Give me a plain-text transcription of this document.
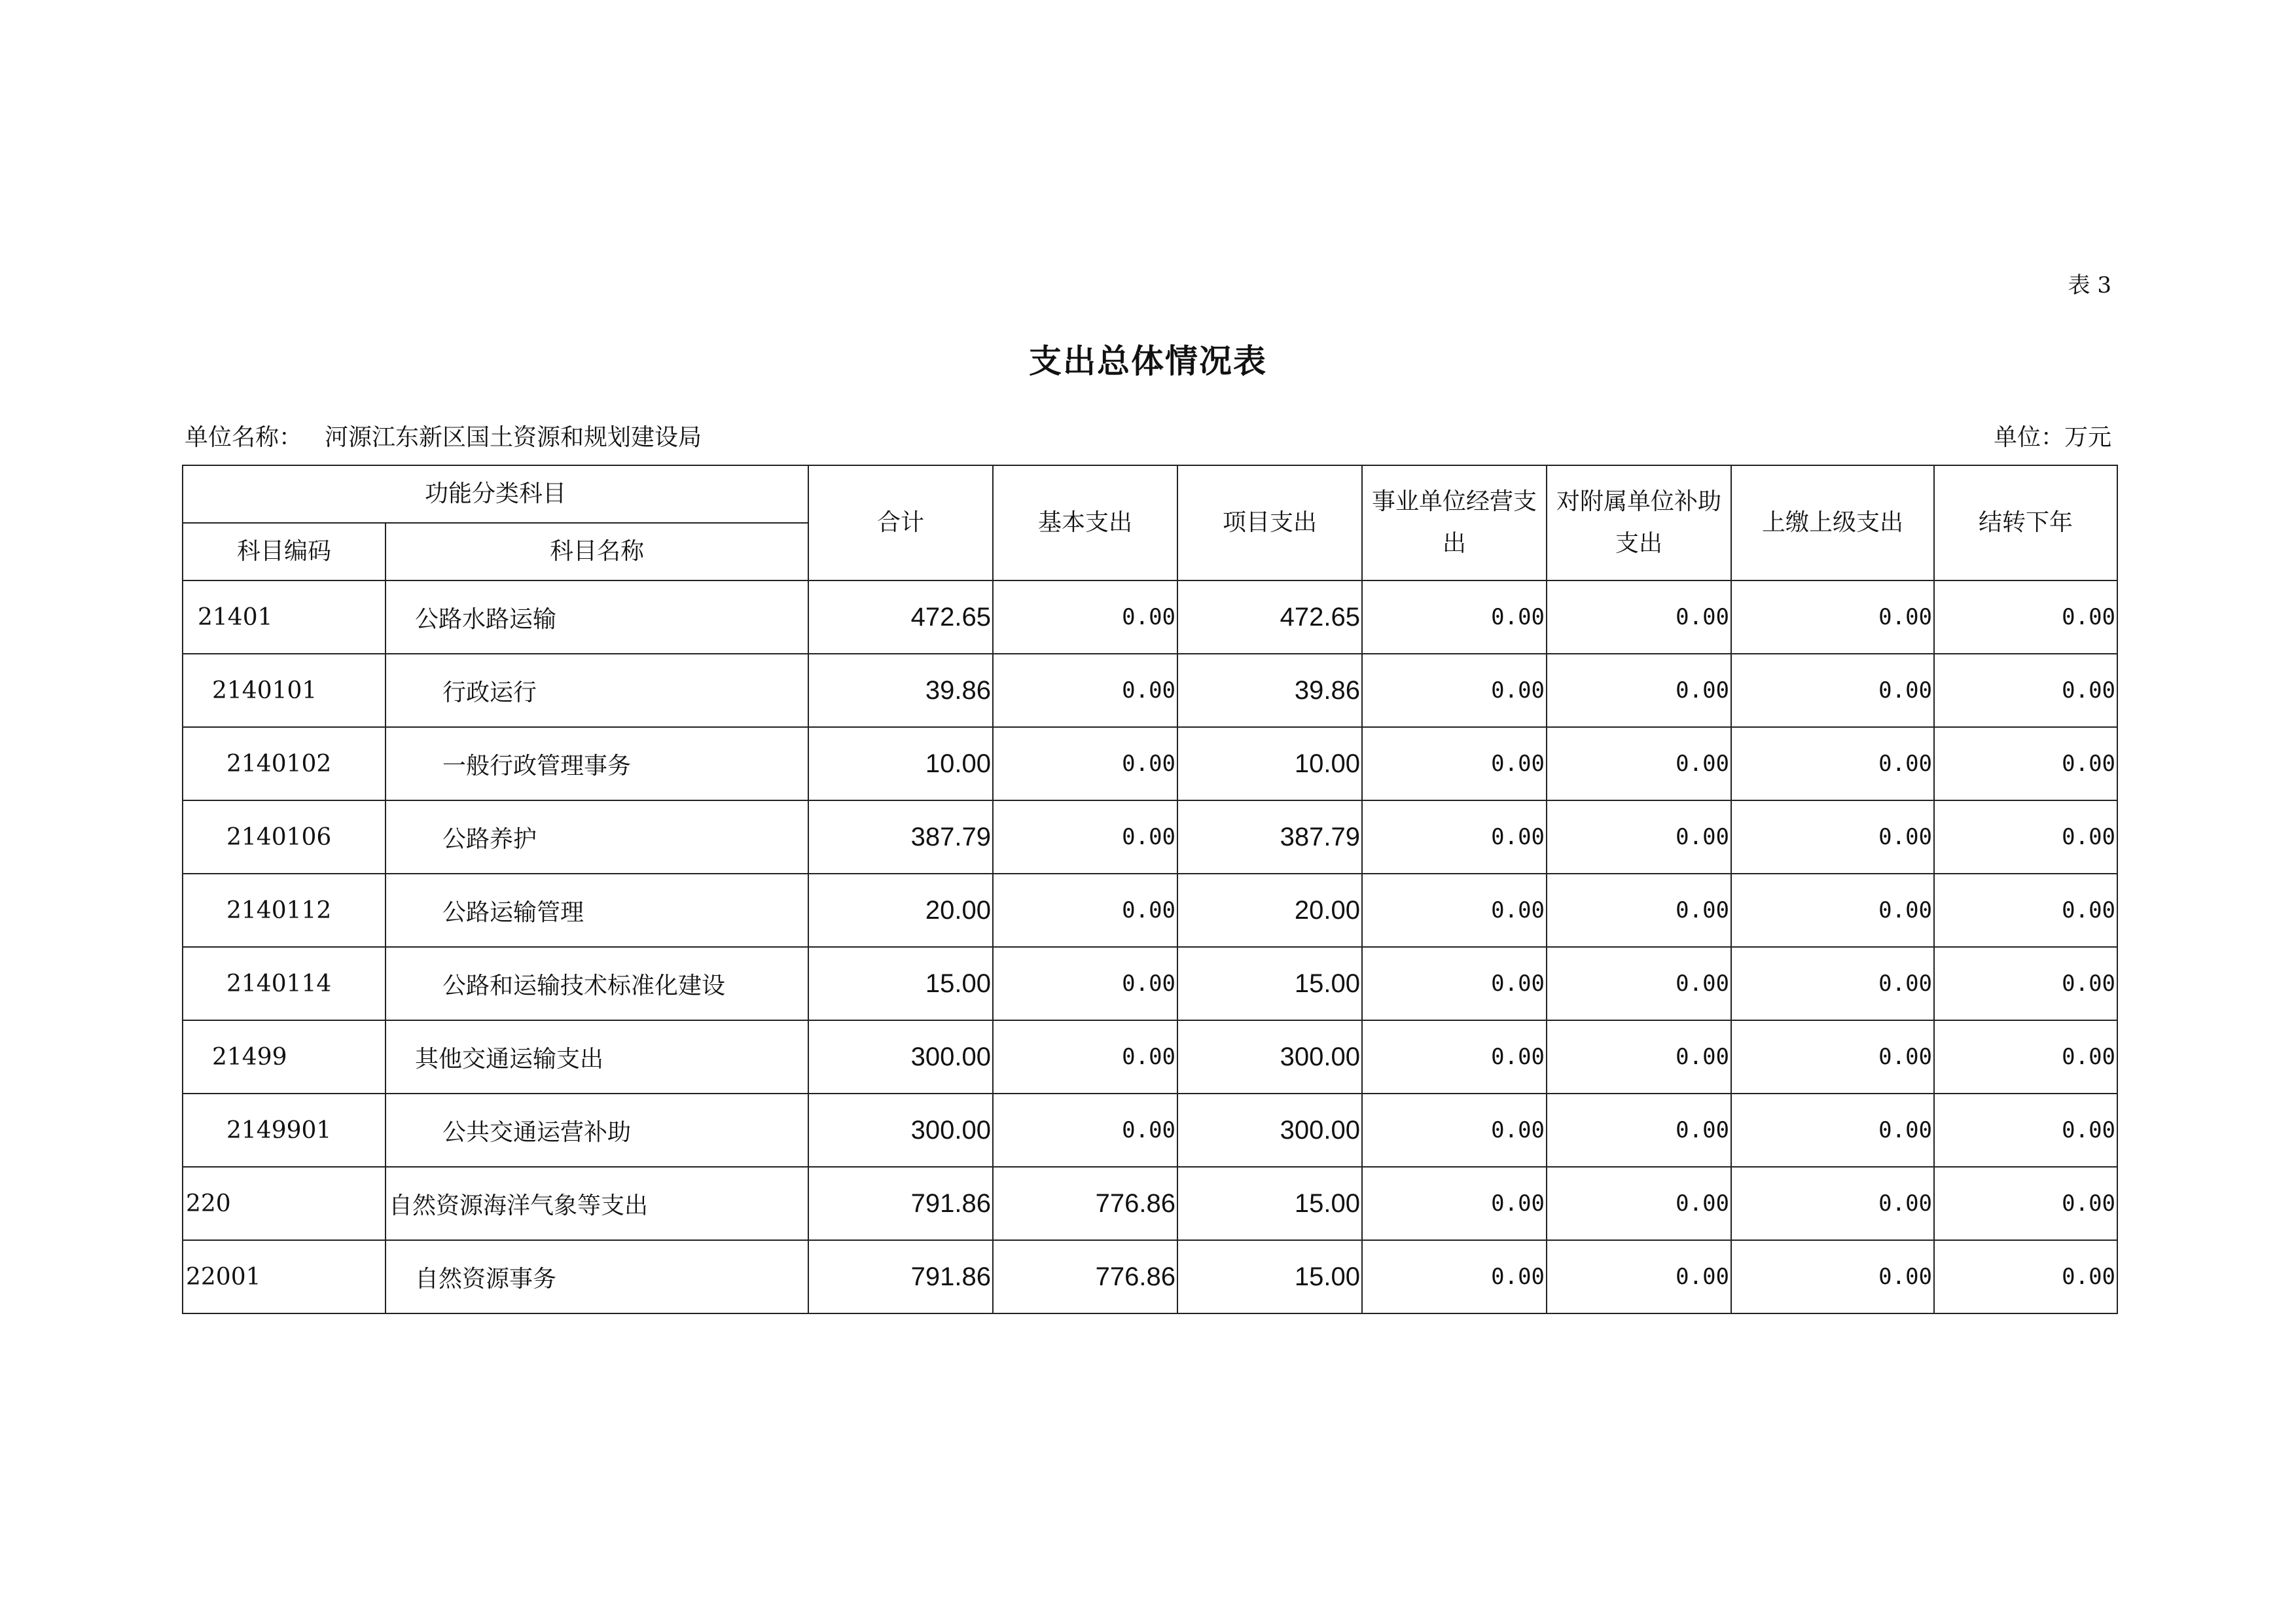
表 3
支出总体情况表
单位名称： 河源江东新区国土资源和规划建设局	单位：万元
功能分类科目		合计	基本支出	项目支出	事业单位经营支出	对附属单位补助支出	上缴上级支出	结转下年
科目编码	科目名称							
21401	公路水路运输	472.65	0.00	472.65	0.00	0.00	0.00	0.00
2140101	行政运行	39.86	0.00	39.86	0.00	0.00	0.00	0.00
2140102	一般行政管理事务	10.00	0.00	10.00	0.00	0.00	0.00	0.00
2140106	公路养护	387.79	0.00	387.79	0.00	0.00	0.00	0.00
2140112	公路运输管理	20.00	0.00	20.00	0.00	0.00	0.00	0.00
2140114	公路和运输技术标准化建设	15.00	0.00	15.00	0.00	0.00	0.00	0.00
21499	其他交通运输支出	300.00	0.00	300.00	0.00	0.00	0.00	0.00
2149901	公共交通运营补助	300.00	0.00	300.00	0.00	0.00	0.00	0.00
220	自然资源海洋气象等支出	791.86	776.86	15.00	0.00	0.00	0.00	0.00
22001	自然资源事务	791.86	776.86	15.00	0.00	0.00	0.00	0.00
